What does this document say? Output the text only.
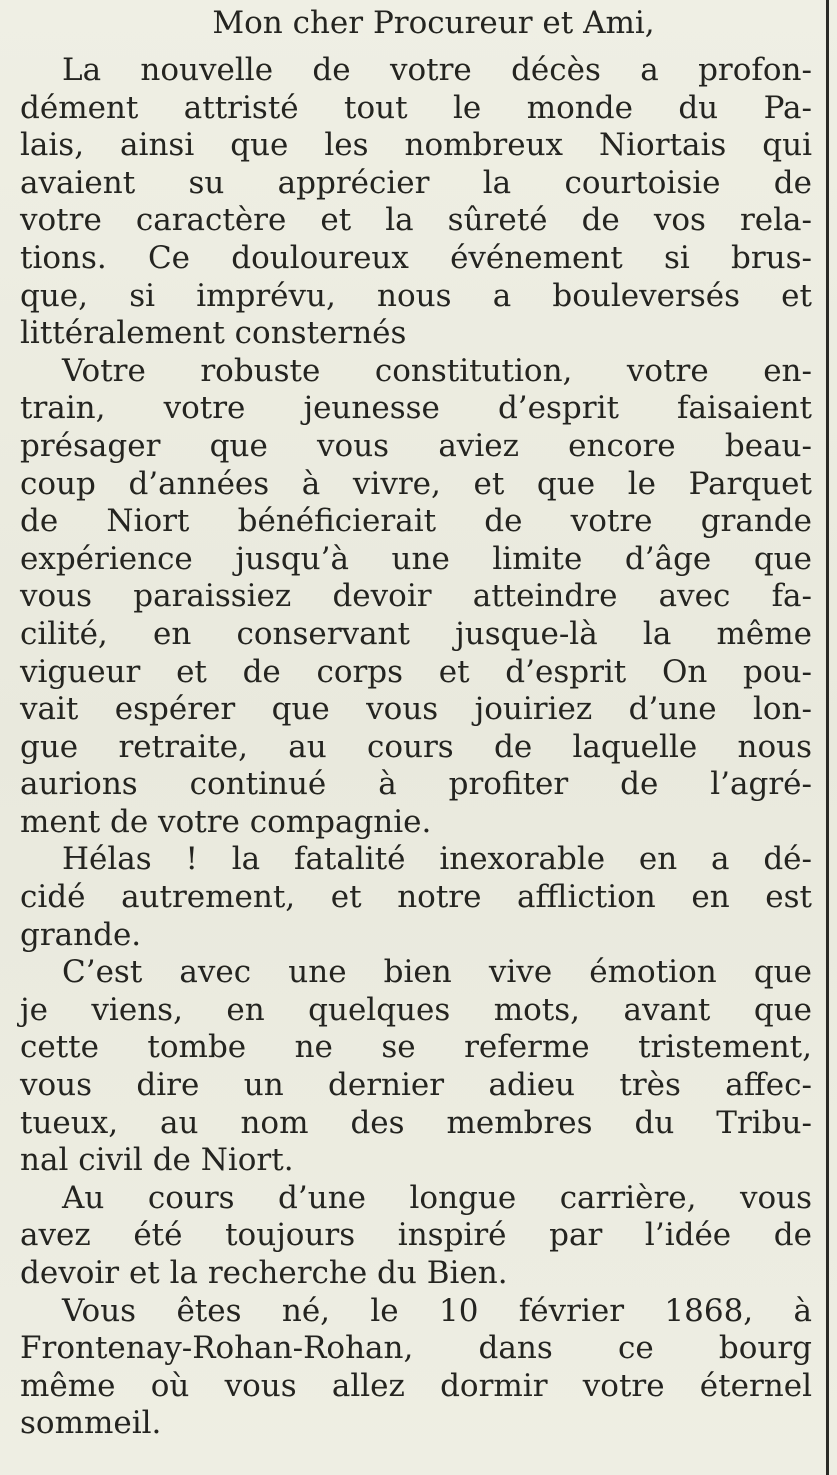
Mon cher Procureur et Ami,
La nouvelle de votre décès a profon-
dément attristé tout le monde du Pa-
lais, ainsi que les nombreux Niortais qui
avaient su apprécier la courtoisie de
votre caractère et la sûreté de vos rela-
tions. Ce douloureux événement si brus-
que, si imprévu, nous a bouleversés et
littéralement consternés
Votre robuste constitution, votre en-
train, votre jeunesse d’esprit faisaient
présager que vous aviez encore beau-
coup d’années à vivre, et que le Parquet
de Niort bénéficierait de votre grande
expérience jusqu’à une limite d’âge que
vous paraissiez devoir atteindre avec fa-
cilité, en conservant jusque-là la même
vigueur et de corps et d’esprit On pou-
vait espérer que vous jouiriez d’une lon-
gue retraite, au cours de laquelle nous
aurions continué à profiter de l’agré-
ment de votre compagnie.
Hélas ! la fatalité inexorable en a dé-
cidé autrement, et notre affliction en est
grande.
C’est avec une bien vive émotion que
je viens, en quelques mots, avant que
cette tombe ne se referme tristement,
vous dire un dernier adieu très affec-
tueux, au nom des membres du Tribu-
nal civil de Niort.
Au cours d’une longue carrière, vous
avez été toujours inspiré par l’idée de
devoir et la recherche du Bien.
Vous êtes né, le 10 février 1868, à
Frontenay-Rohan-Rohan, dans ce bourg
même où vous allez dormir votre éternel
sommeil.
